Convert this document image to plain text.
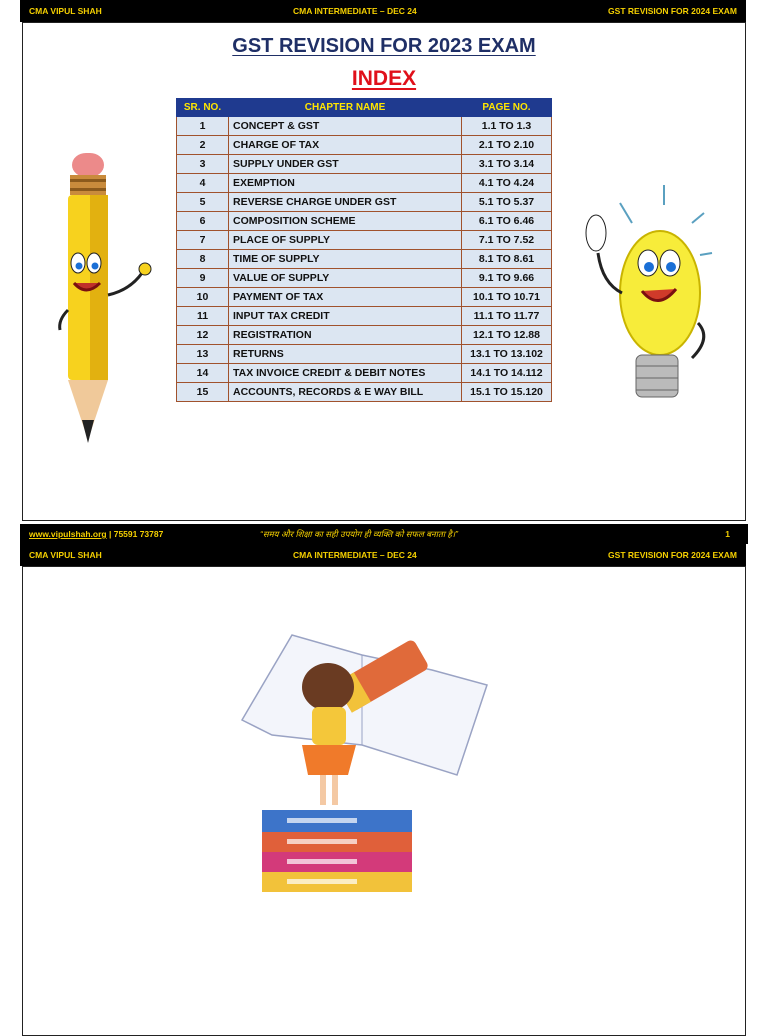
CMA VIPUL SHAH	CMA INTERMEDIATE – DEC 24	GST REVISION FOR 2024 EXAM
GST REVISION FOR 2023 EXAM
INDEX
SR. NO.	CHAPTER NAME	PAGE NO.
1	CONCEPT & GST	1.1 TO 1.3
2	CHARGE OF TAX	2.1 TO 2.10
3	SUPPLY UNDER GST	3.1 TO 3.14
4	EXEMPTION	4.1 TO 4.24
5	REVERSE CHARGE UNDER GST	5.1 TO 5.37
6	COMPOSITION SCHEME	6.1 TO 6.46
7	PLACE OF SUPPLY	7.1 TO 7.52
8	TIME OF SUPPLY	8.1 TO 8.61
9	VALUE OF SUPPLY	9.1 TO 9.66
10	PAYMENT OF TAX	10.1 TO 10.71
11	INPUT TAX CREDIT	11.1 TO 11.77
12	REGISTRATION	12.1 TO 12.88
13	RETURNS	13.1 TO 13.102
14	TAX INVOICE CREDIT & DEBIT NOTES	14.1 TO 14.112
15	ACCOUNTS, RECORDS & E WAY BILL	15.1 TO 15.120
www.vipulshah.org | 75591 73787	“समय और शिक्षा का सही उपयोग ही व्यक्ति को सफल बनाता है।”	1
CMA VIPUL SHAH	CMA INTERMEDIATE – DEC 24	GST REVISION FOR 2024 EXAM
